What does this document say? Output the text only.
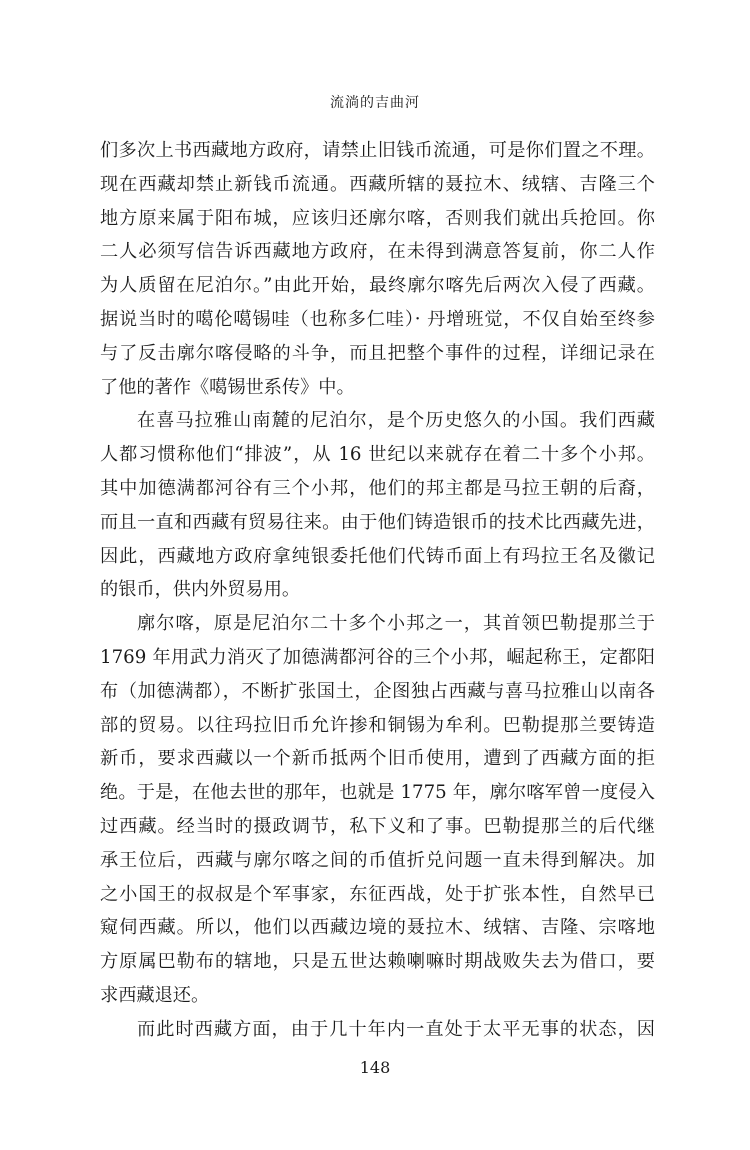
流淌的吉曲河
们多次上书西藏地方政府，请禁止旧钱币流通，可是你们置之不理。
现在西藏却禁止新钱币流通。西藏所辖的聂拉木、绒辖、吉隆三个
地方原来属于阳布城，应该归还廓尔喀，否则我们就出兵抢回。你
二人必须写信告诉西藏地方政府，在未得到满意答复前，你二人作
为人质留在尼泊尔。”由此开始，最终廓尔喀先后两次入侵了西藏。
据说当时的噶伦噶锡哇（也称多仁哇）· 丹增班觉，不仅自始至终参
与了反击廓尔喀侵略的斗争，而且把整个事件的过程，详细记录在
了他的著作《噶锡世系传》中。
在喜马拉雅山南麓的尼泊尔，是个历史悠久的小国。我们西藏
人都习惯称他们“排波”，从 16 世纪以来就存在着二十多个小邦。
其中加德满都河谷有三个小邦，他们的邦主都是马拉王朝的后裔，
而且一直和西藏有贸易往来。由于他们铸造银币的技术比西藏先进，
因此，西藏地方政府拿纯银委托他们代铸币面上有玛拉王名及徽记
的银币，供内外贸易用。
廓尔喀，原是尼泊尔二十多个小邦之一，其首领巴勒提那兰于
1769 年用武力消灭了加德满都河谷的三个小邦，崛起称王，定都阳
布（加德满都），不断扩张国土，企图独占西藏与喜马拉雅山以南各
部的贸易。以往玛拉旧币允许掺和铜锡为牟利。巴勒提那兰要铸造
新币，要求西藏以一个新币抵两个旧币使用，遭到了西藏方面的拒
绝。于是，在他去世的那年，也就是 1775 年，廓尔喀军曾一度侵入
过西藏。经当时的摄政调节，私下义和了事。巴勒提那兰的后代继
承王位后，西藏与廓尔喀之间的币值折兑问题一直未得到解决。加
之小国王的叔叔是个军事家，东征西战，处于扩张本性，自然早已
窥伺西藏。所以，他们以西藏边境的聂拉木、绒辖、吉隆、宗喀地
方原属巴勒布的辖地，只是五世达赖喇嘛时期战败失去为借口，要
求西藏退还。
而此时西藏方面，由于几十年内一直处于太平无事的状态，因
148
